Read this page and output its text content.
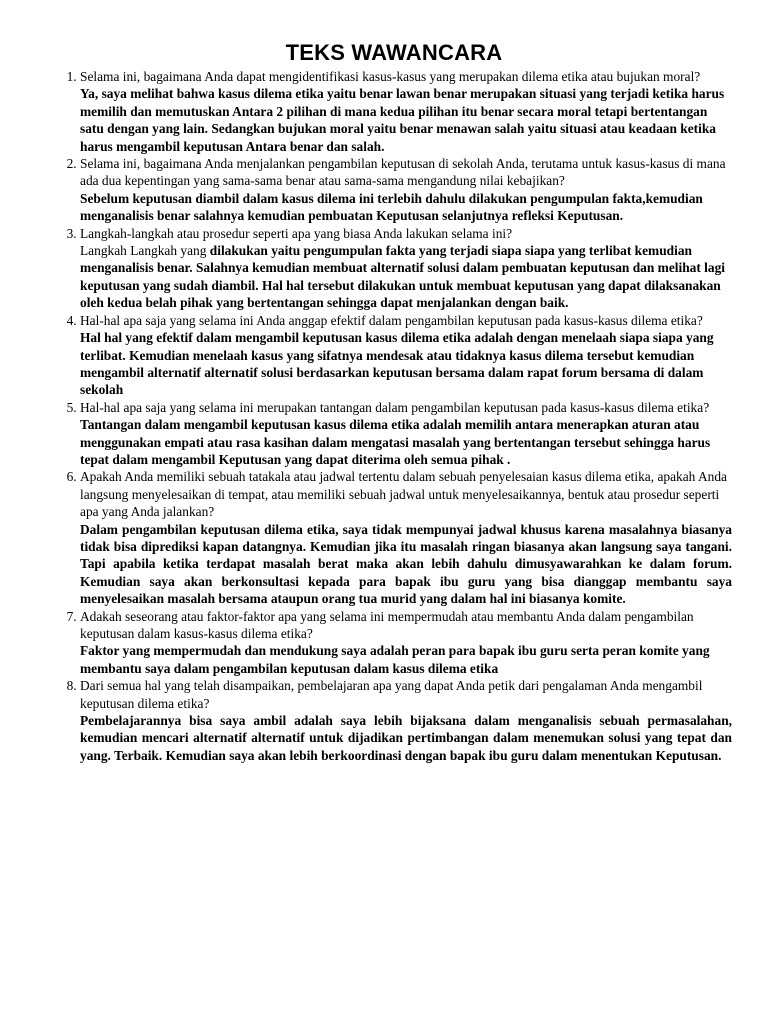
TEKS WAWANCARA
1. Selama ini, bagaimana Anda dapat mengidentifikasi kasus-kasus yang merupakan dilema etika atau bujukan moral?
Ya, saya melihat bahwa kasus dilema etika yaitu benar lawan benar merupakan situasi yang terjadi ketika harus memilih dan memutuskan Antara 2 pilihan di mana kedua pilihan itu benar secara moral tetapi bertentangan satu dengan yang lain. Sedangkan bujukan moral yaitu benar menawan salah yaitu situasi atau keadaan ketika harus mengambil keputusan Antara benar dan salah.
2. Selama ini, bagaimana Anda menjalankan pengambilan keputusan di sekolah Anda, terutama untuk kasus-kasus di mana ada dua kepentingan yang sama-sama benar atau sama-sama mengandung nilai kebajikan?
Sebelum keputusan diambil dalam kasus dilema ini terlebih dahulu dilakukan pengumpulan fakta,kemudian menganalisis benar salahnya kemudian pembuatan Keputusan selanjutnya refleksi Keputusan.
3. Langkah-langkah atau prosedur seperti apa yang biasa Anda lakukan selama ini?
Langkah Langkah yang dilakukan yaitu pengumpulan fakta yang terjadi siapa siapa yang terlibat kemudian menganalisis benar. Salahnya kemudian membuat alternatif solusi dalam pembuatan keputusan dan melihat lagi keputusan yang sudah diambil. Hal hal tersebut dilakukan untuk membuat keputusan yang dapat dilaksanakan oleh kedua belah pihak yang bertentangan sehingga dapat menjalankan dengan baik.
4. Hal-hal apa saja yang selama ini Anda anggap efektif dalam pengambilan keputusan pada kasus-kasus dilema etika?
Hal hal yang efektif dalam mengambil keputusan kasus dilema etika adalah dengan menelaah siapa siapa yang terlibat. Kemudian menelaah kasus yang sifatnya mendesak atau tidaknya kasus dilema tersebut kemudian mengambil alternatif alternatif solusi berdasarkan keputusan bersama dalam rapat forum bersama di dalam sekolah
5. Hal-hal apa saja yang selama ini merupakan tantangan dalam pengambilan keputusan pada kasus-kasus dilema etika?
Tantangan dalam mengambil keputusan kasus dilema etika adalah memilih antara menerapkan aturan atau menggunakan empati atau rasa kasihan dalam mengatasi masalah yang bertentangan tersebut sehingga harus tepat dalam mengambil Keputusan yang dapat diterima oleh semua pihak .
6. Apakah Anda memiliki sebuah tatakala atau jadwal tertentu dalam sebuah penyelesaian kasus dilema etika, apakah Anda langsung menyelesaikan di tempat, atau memiliki sebuah jadwal untuk menyelesaikannya, bentuk atau prosedur seperti apa yang Anda jalankan?
Dalam pengambilan keputusan dilema etika, saya tidak mempunyai jadwal khusus karena masalahnya biasanya tidak bisa diprediksi kapan datangnya. Kemudian jika itu masalah ringan biasanya akan langsung saya tangani. Tapi apabila ketika terdapat masalah berat maka akan lebih dahulu dimusyawarahkan ke dalam forum. Kemudian saya akan berkonsultasi kepada para bapak ibu guru yang bisa dianggap membantu saya menyelesaikan masalah bersama ataupun orang tua murid yang dalam hal ini biasanya komite.
7. Adakah seseorang atau faktor-faktor apa yang selama ini mempermudah atau membantu Anda dalam pengambilan keputusan dalam kasus-kasus dilema etika?
Faktor yang mempermudah dan mendukung saya adalah peran para bapak ibu guru serta peran komite yang membantu saya dalam pengambilan keputusan dalam kasus dilema etika
8. Dari semua hal yang telah disampaikan, pembelajaran apa yang dapat Anda petik dari pengalaman Anda mengambil keputusan dilema etika?
Pembelajarannya bisa saya ambil adalah saya lebih bijaksana dalam menganalisis sebuah permasalahan, kemudian mencari alternatif alternatif untuk dijadikan pertimbangan dalam menemukan solusi yang tepat dan yang. Terbaik. Kemudian saya akan lebih berkoordinasi dengan bapak ibu guru dalam menentukan Keputusan.
